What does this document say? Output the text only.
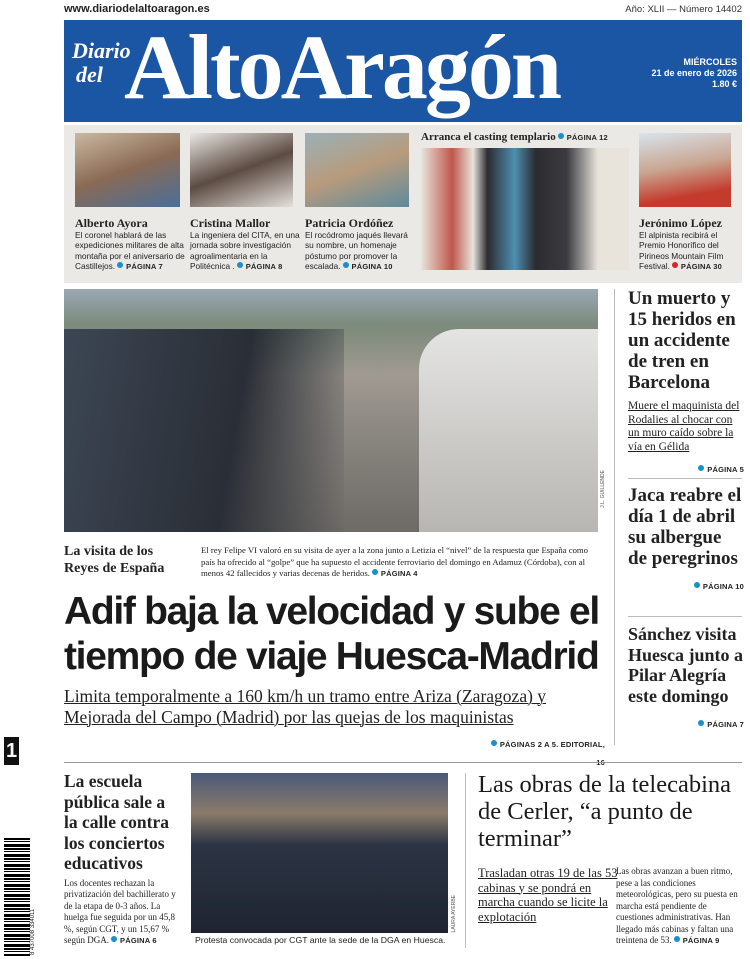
www.diariodelaltoaragon.es	Año: XLII — Número 14402
Diario
del AltoAragón	MIÉRCOLES
21 de enero de 2026
1.80 €
Alberto Ayora
El coronel hablará de las expediciones militares de alta montaña por el aniversario de Castillejos. PÁGINA 7
Cristina Mallor
La ingeniera del CITA, en una jornada sobre investigación agroalimentaria en la Politécnica . PÁGINA 8
Patricia Ordóñez
El rocódromo jaqués llevará su nombre, un homenaje póstumo por promover la escalada. PÁGINA 10
Arranca el casting templario PÁGINA 12
Jerónimo López
El alpinista recibirá el Premio Honorífico del Pirineos Mountain Film Festival. PÁGINA 30
J.L. GUILLENDE
La visita de los Reyes de España
El rey Felipe VI valoró en su visita de ayer a la zona junto a Letizia el “nivel” de la respuesta que España como país ha ofrecido al “golpe” que ha supuesto el accidente ferroviario del domingo en Adamuz (Córdoba), con al menos 42 fallecidos y varias decenas de heridos. PÁGINA 4
Adif baja la velocidad y sube el tiempo de viaje Huesca-Madrid
Limita temporalmente a 160 km/h un tramo entre Ariza (Zaragoza) y Mejorada del Campo (Madrid) por las quejas de los maquinistas
PÁGINAS 2 A 5. EDITORIAL,
Un muerto y 15 heridos en un accidente de tren en Barcelona
Muere el maquinista del Rodalies al chocar con un muro caído sobre la vía en Gélida
PÁGINA 5
Jaca reabre el día 1 de abril su albergue de peregrinos
PÁGINA 10
Sánchez visita Huesca junto a Pilar Alegría este domingo
PÁGINA 7
1
La escuela pública sale a la calle contra los conciertos educativos
Los docentes rechazan la privatización del bachillerato y de la etapa de 0-3 años. La huelga fue seguida por un 45,8 %, según CGT, y un 15,67 % según DGA. PÁGINA 6
LAURA AYERBE
Protesta convocada por CGT ante la sede de la DGA en Huesca.
Las obras de la telecabina de Cerler, “a punto de terminar”
Trasladan otras 19 de las 53 cabinas y se pondrá en marcha cuando se licite la explotación
Las obras avanzan a buen ritmo, pese a las condiciones meteorológicas, pero su puesta en marcha está pendiente de cuestiones administrativas. Han llegado más cabinas y faltan una treintena de 53. PÁGINA 9
8 437008 334011
